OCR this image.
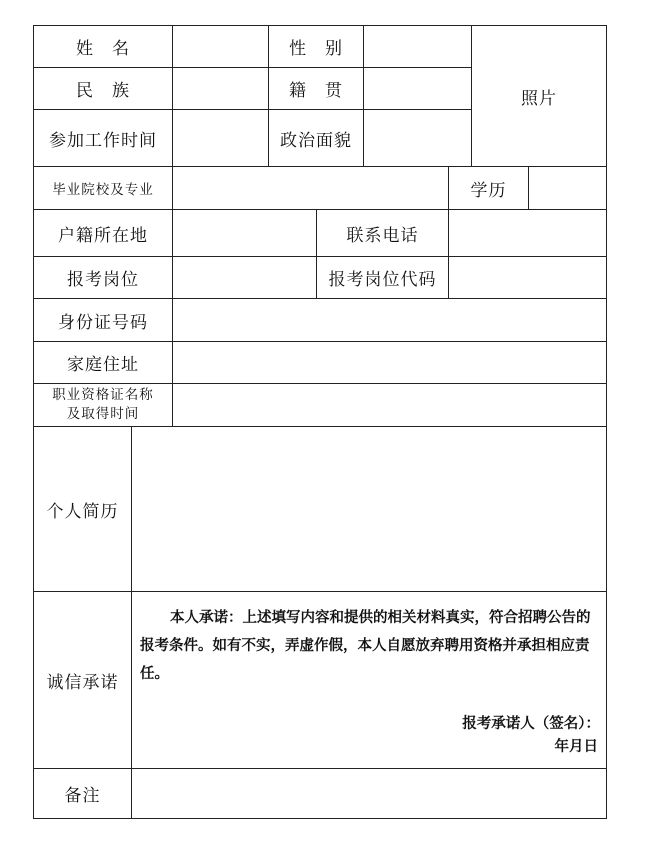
姓　名	性　别
照片
民　族	籍　贯
参加工作时间	政治面貌
毕业院校及专业	学历
户籍所在地	联系电话
报考岗位	报考岗位代码
身份证号码
家庭住址
职业资格证名称
及取得时间
个人简历
诚信承诺

本人承诺：上述填写内容和提供的相关材料真实，符合招聘公告的报考条件。如有不实，弄虚作假，本人自愿放弃聘用资格并承担相应责任。

报考承诺人（签名）：
年月日
备注
